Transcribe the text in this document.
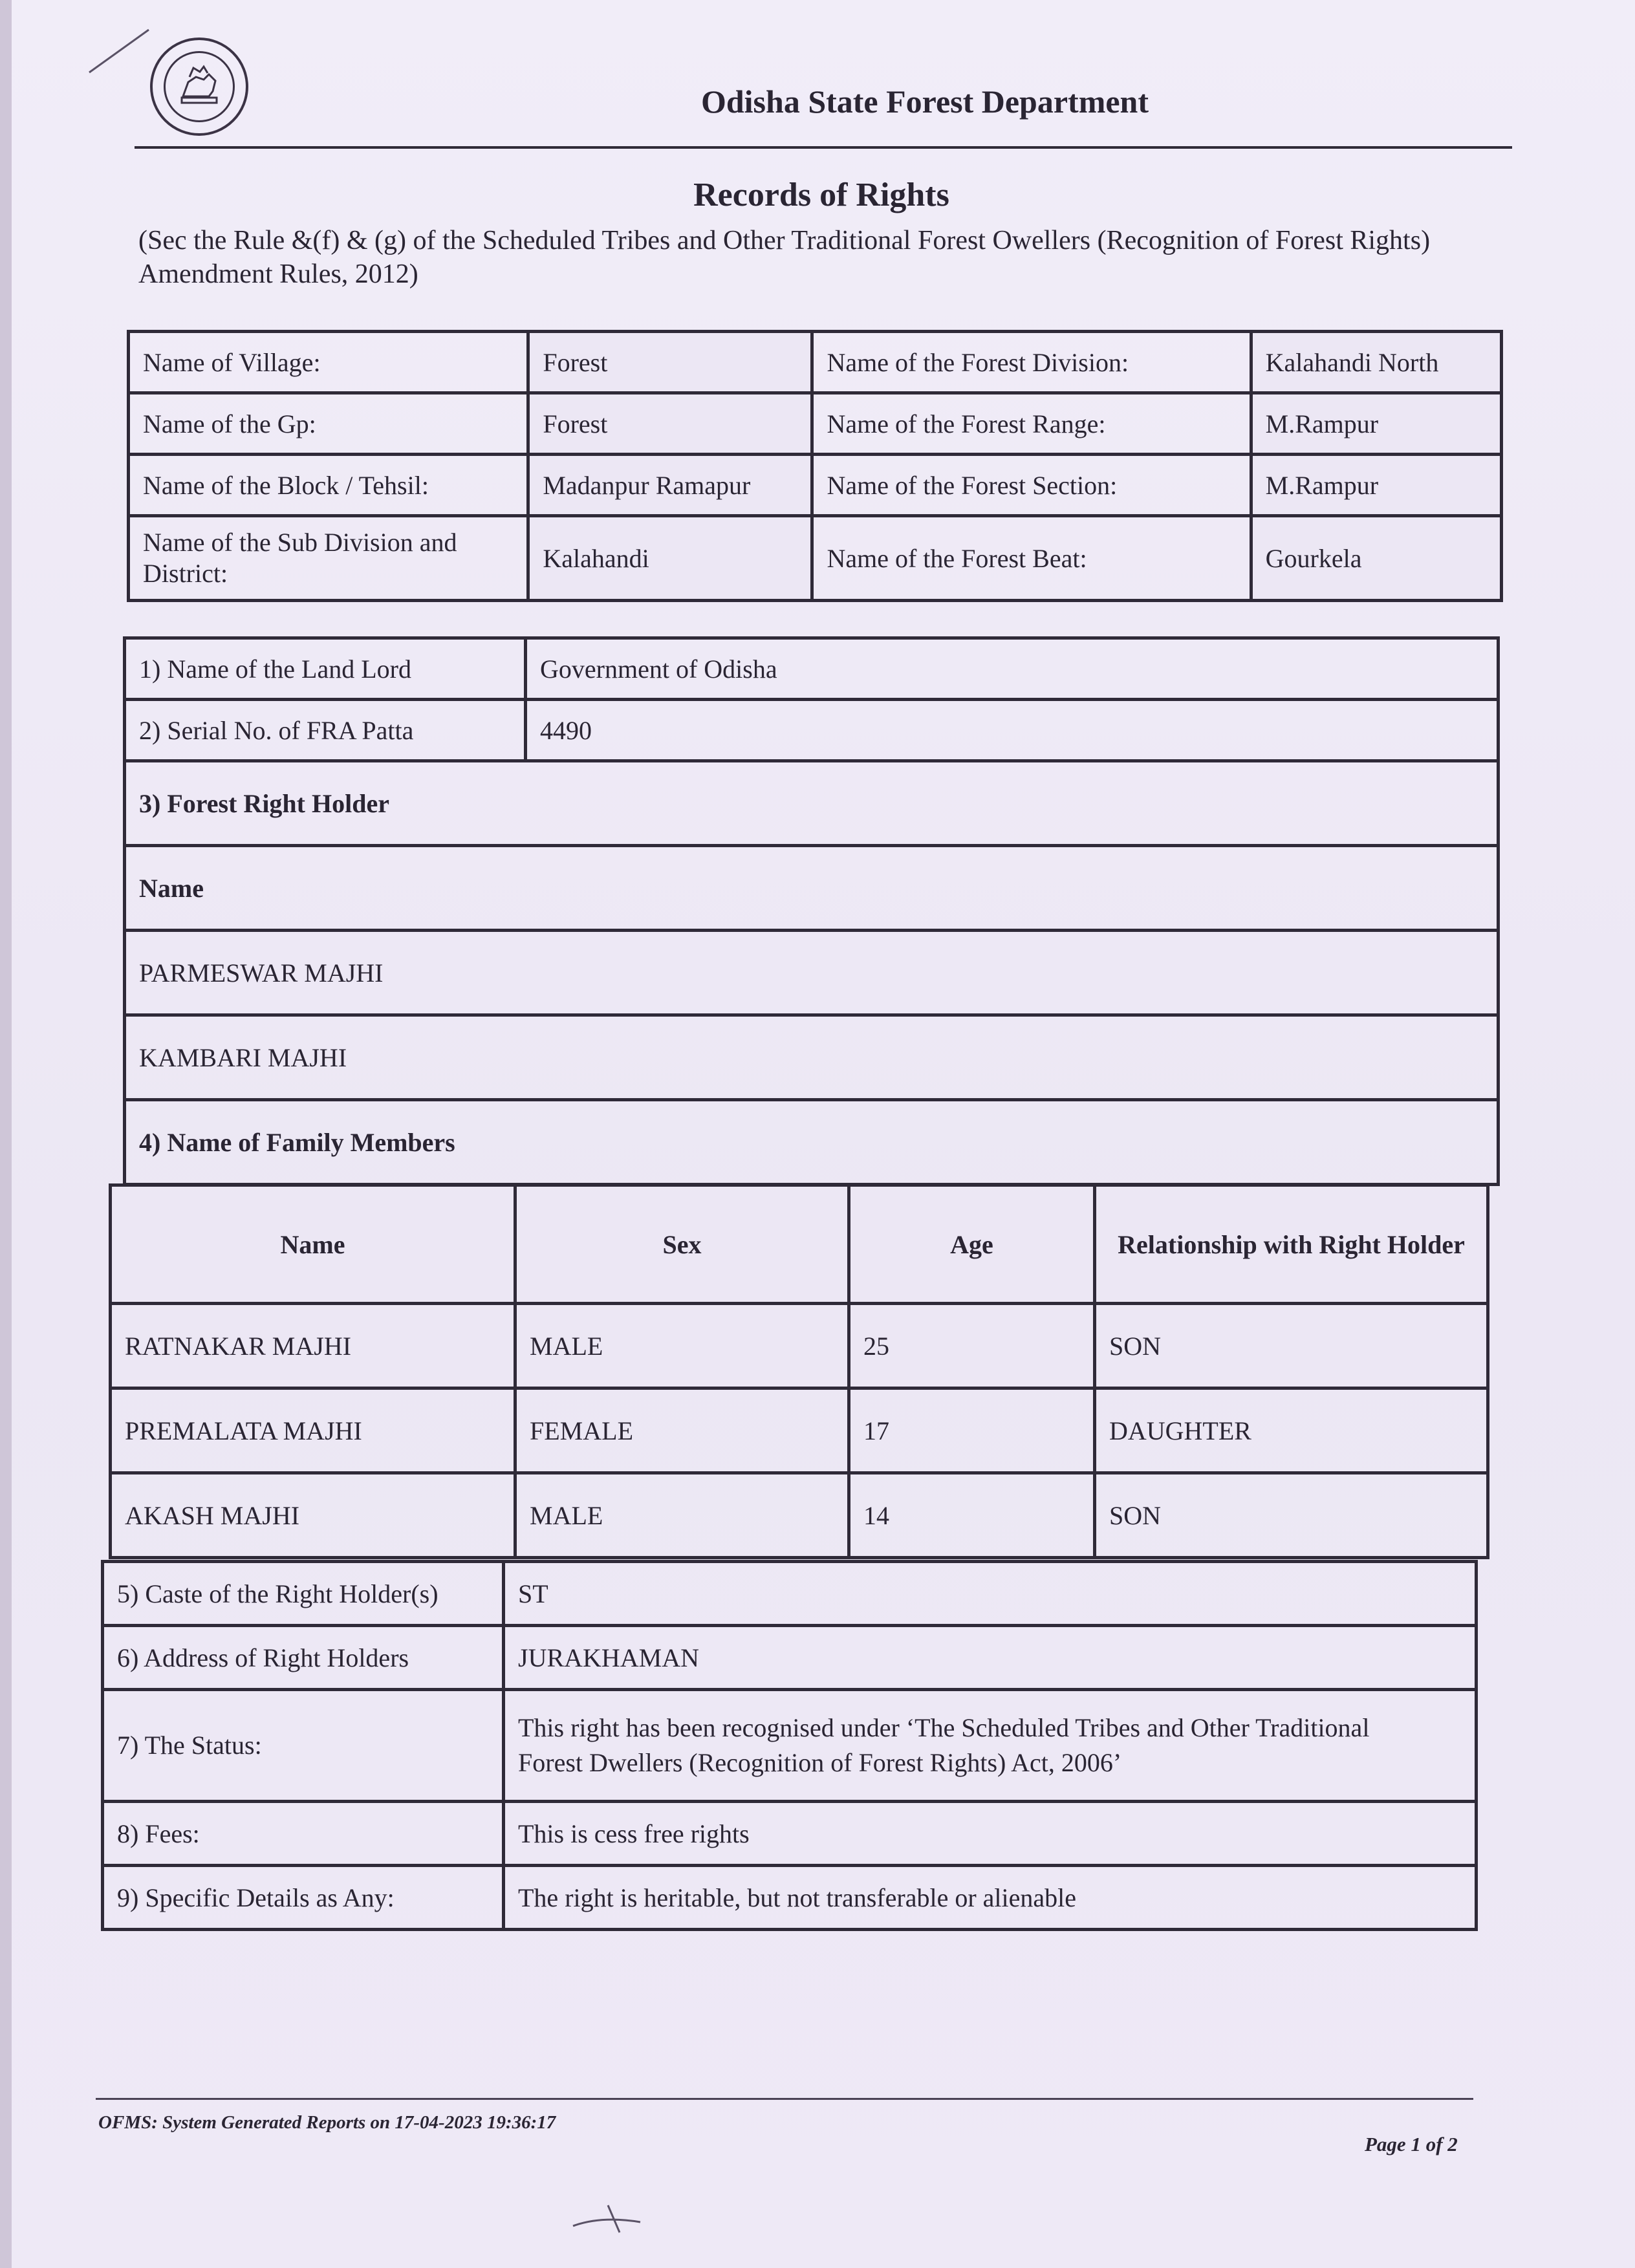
Odisha State Forest Department
Records of Rights
(Sec the Rule &(f) & (g) of the Scheduled Tribes and Other Traditional Forest Owellers (Recognition of Forest Rights) Amendment Rules, 2012)
Name of Village:	Forest	Name of the Forest Division:	Kalahandi North
Name of the Gp:	Forest	Name of the Forest Range:	M.Rampur
Name of the Block / Tehsil:	Madanpur Ramapur	Name of the Forest Section:	M.Rampur
Name of the Sub Division and District:	Kalahandi	Name of the Forest Beat:	Gourkela
1) Name of the Land Lord	Government of Odisha
2) Serial No. of FRA Patta	4490
3) Forest Right Holder	
Name	
PARMESWAR MAJHI	
KAMBARI MAJHI	
4) Name of Family Members	
Name	Sex	Age	Relationship with Right Holder
RATNAKAR MAJHI	MALE	25	SON
PREMALATA MAJHI	FEMALE	17	DAUGHTER
AKASH MAJHI	MALE	14	SON
5) Caste of the Right Holder(s)	ST
6) Address of Right Holders	JURAKHAMAN
7) The Status:	This right has been recognised under ‘The Scheduled Tribes and Other Traditional
Forest Dwellers (Recognition of Forest Rights) Act, 2006’

8) Fees:	This is cess free rights
9) Specific Details as Any:	The right is heritable, but not transferable or alienable
OFMS: System Generated Reports on 17-04-2023 19:36:17
Page 1 of 2
